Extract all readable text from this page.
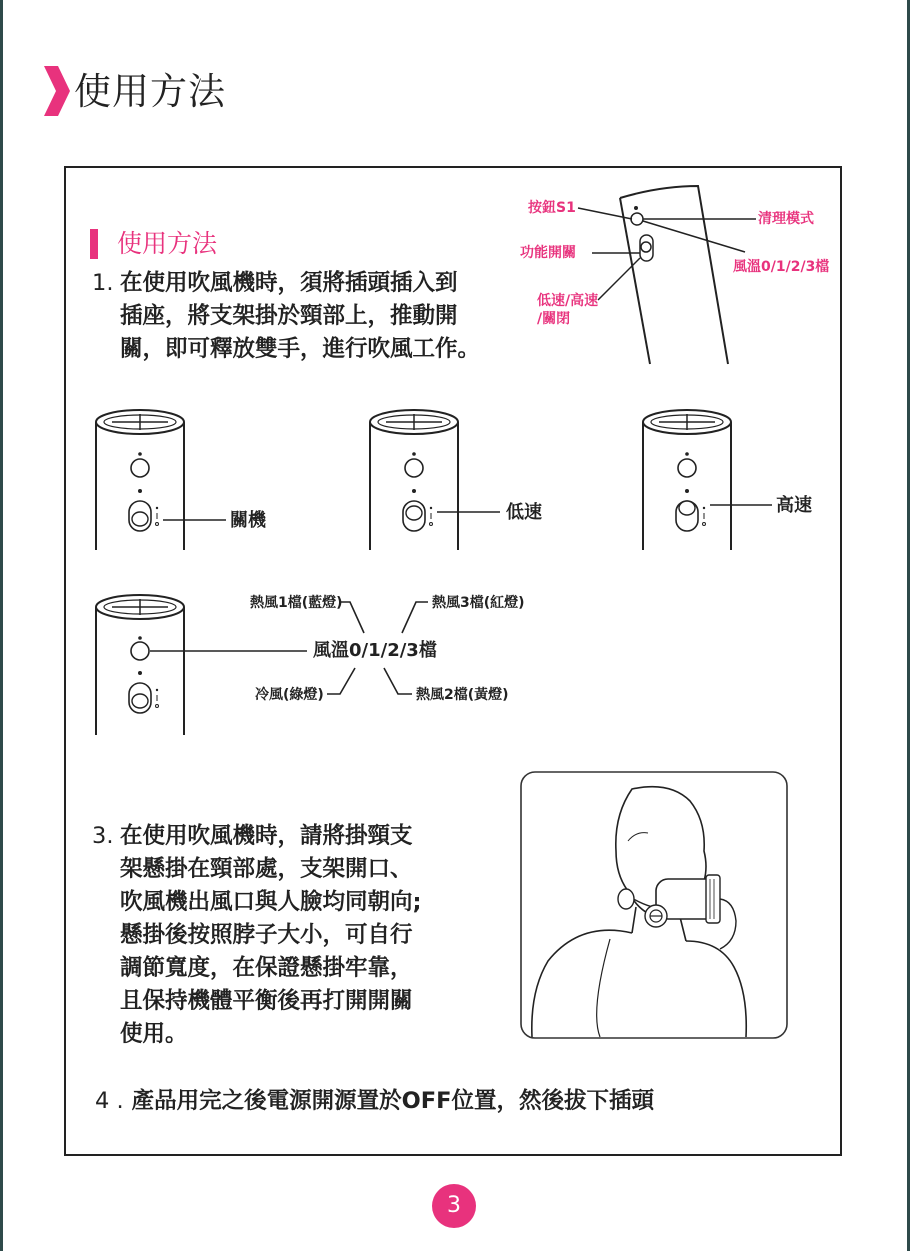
使用方法
使用方法
1. 在使用吹風機時，須將插頭插入到
插座，將支架掛於頸部上，推動開
關，即可釋放雙手，進行吹風工作。
按鈕S1
功能開關
低速/高速
/關閉
清理模式
風溫0/1/2/3檔
關機	低速	高速
風溫0/1/2/3檔
熱風1檔(藍燈)	熱風3檔(紅燈)
冷風(綠燈)	熱風2檔(黃燈)
3. 在使用吹風機時，請將掛頸支
架懸掛在頸部處，支架開口、
吹風機出風口與人臉均同朝向;
懸掛後按照脖子大小，可自行
調節寬度，在保證懸掛牢靠，
且保持機體平衡後再打開開關
使用。
4 . 產品用完之後電源開源置於OFF位置，然後拔下插頭
3
